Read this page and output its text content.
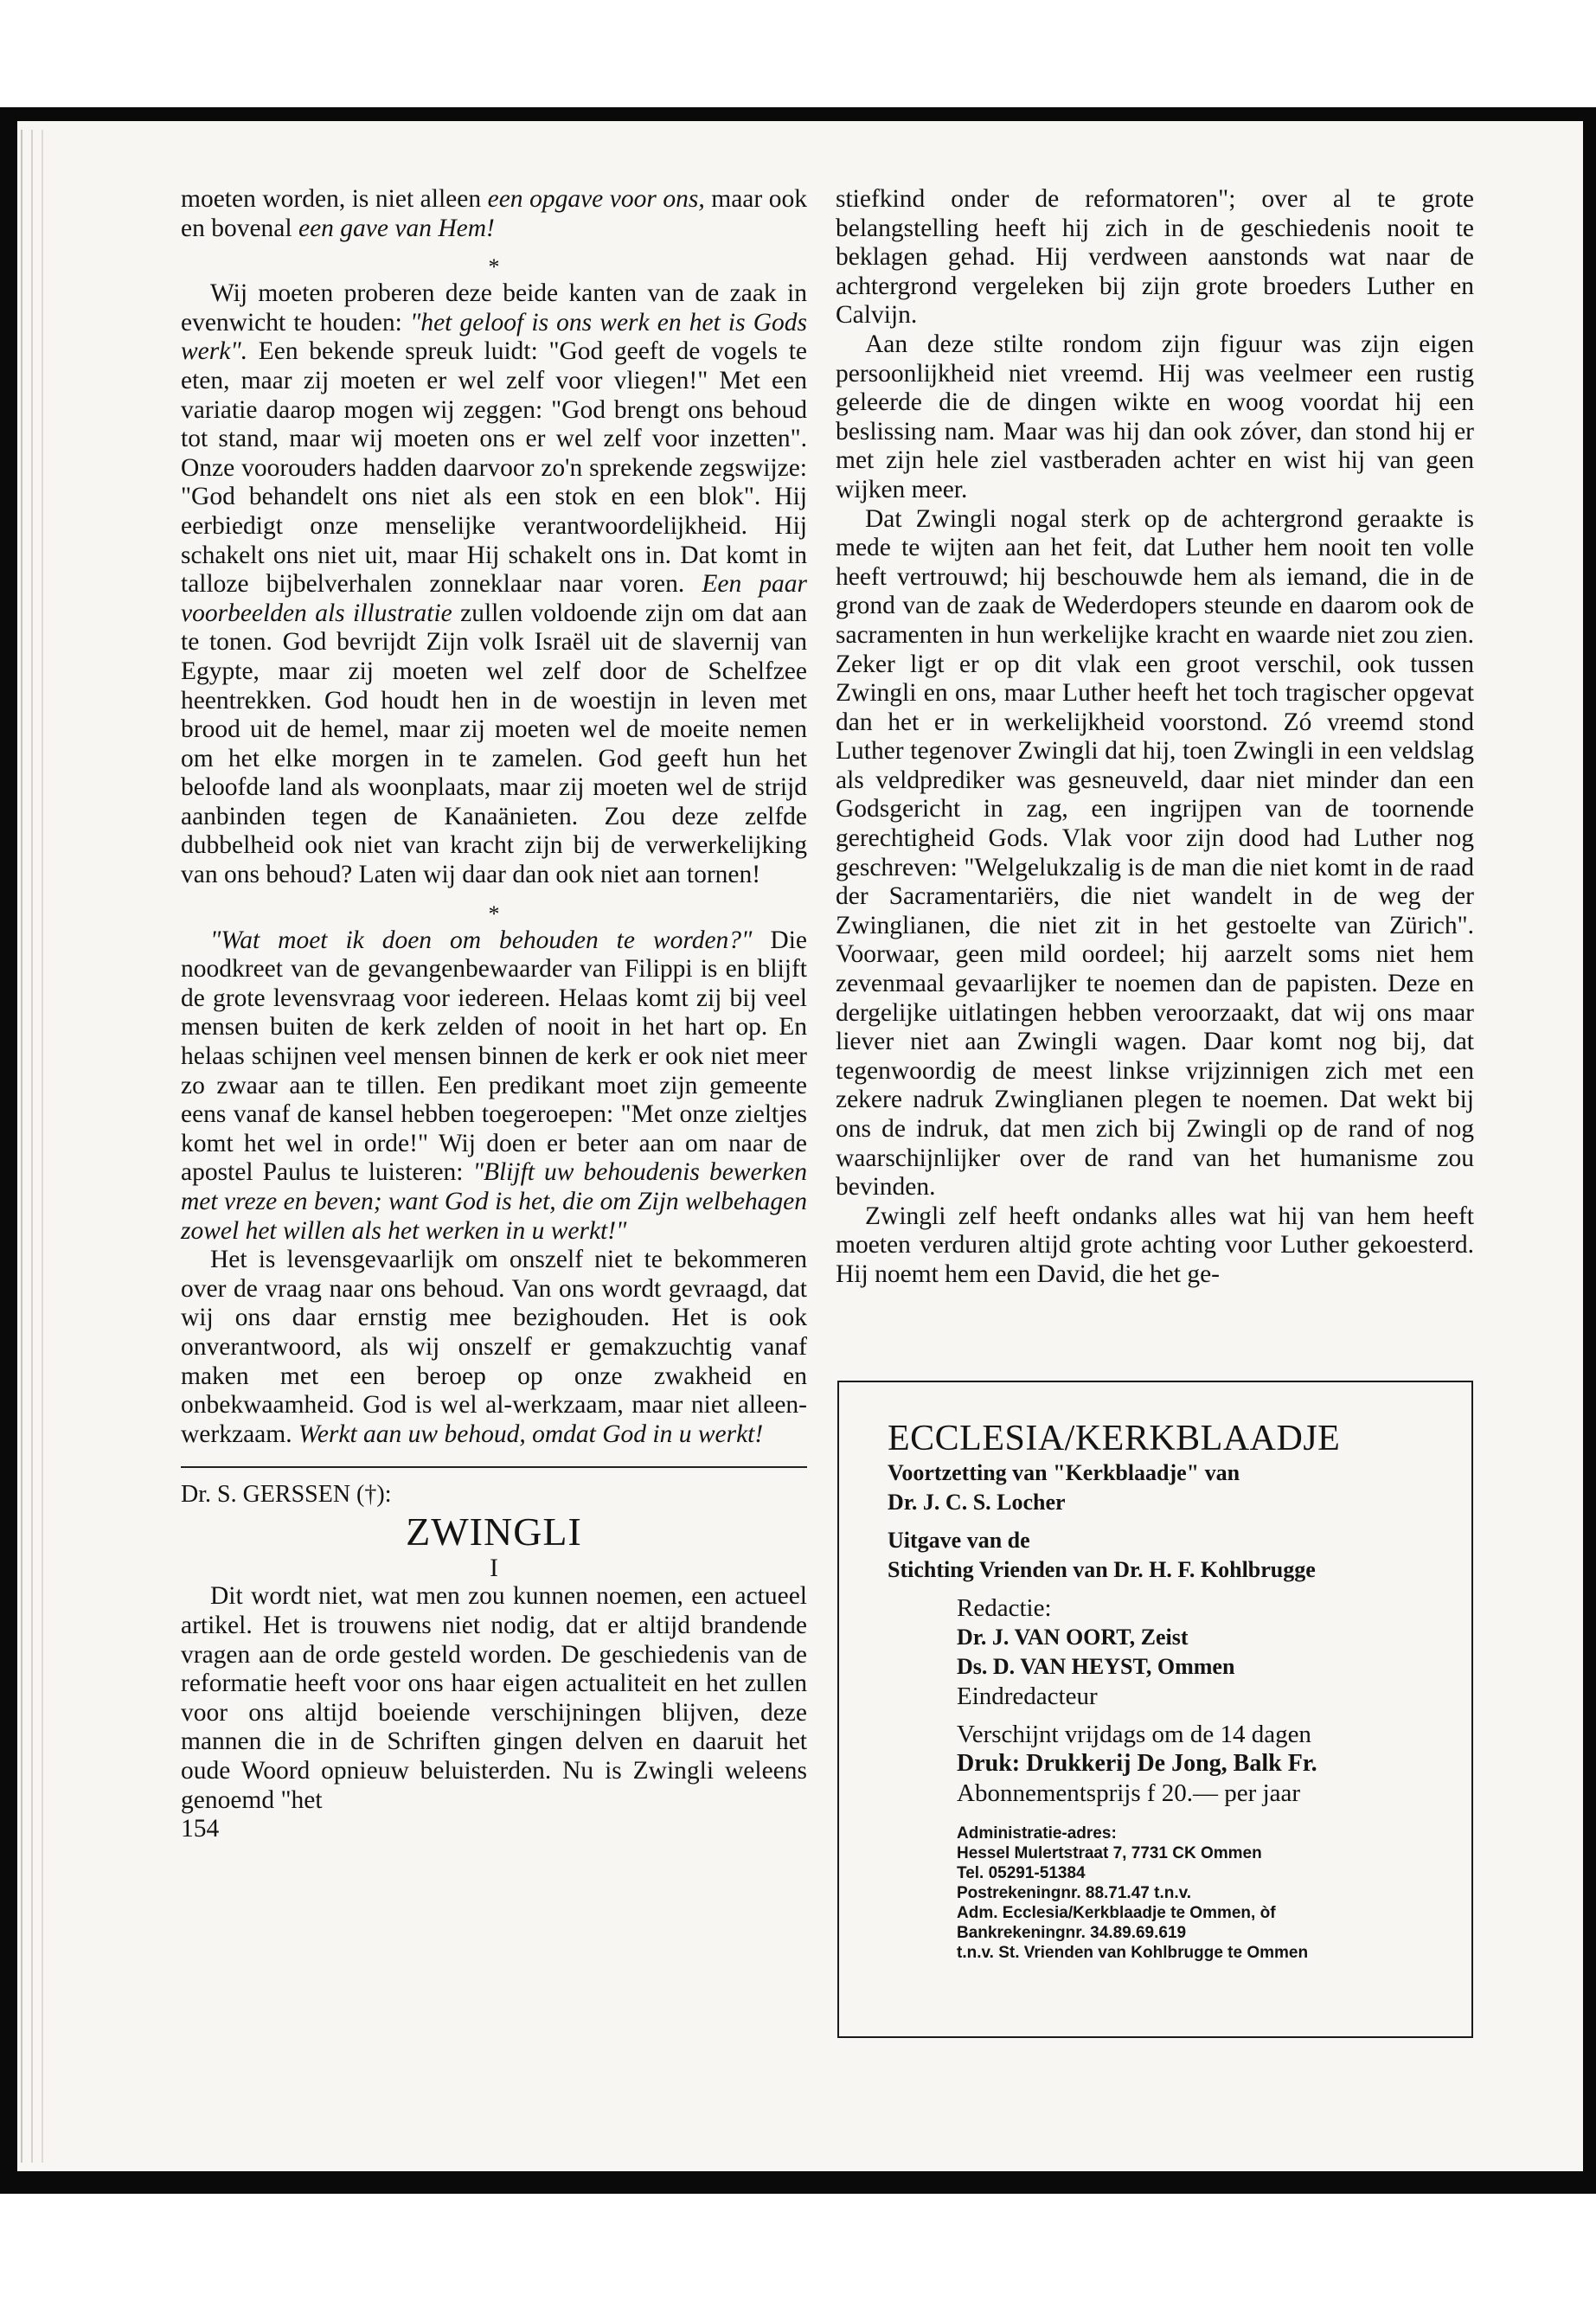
moeten worden, is niet alleen een opgave voor ons, maar ook en bovenal een gave van Hem!

*

Wij moeten proberen deze beide kanten van de zaak in evenwicht te houden: "het geloof is ons werk en het is Gods werk". Een bekende spreuk luidt: "God geeft de vogels te eten, maar zij moeten er wel zelf voor vliegen!" Met een variatie daarop mogen wij zeggen: "God brengt ons behoud tot stand, maar wij moeten ons er wel zelf voor inzetten". Onze voorouders hadden daarvoor zo'n sprekende zegswijze: "God behandelt ons niet als een stok en een blok". Hij eerbiedigt onze menselijke verantwoordelijkheid. Hij schakelt ons niet uit, maar Hij schakelt ons in. Dat komt in talloze bijbelverhalen zonneklaar naar voren. Een paar voorbeelden als illustratie zullen voldoende zijn om dat aan te tonen. God bevrijdt Zijn volk Israël uit de slavernij van Egypte, maar zij moeten wel zelf door de Schelfzee heentrekken. God houdt hen in de woestijn in leven met brood uit de hemel, maar zij moeten wel de moeite nemen om het elke morgen in te zamelen. God geeft hun het beloofde land als woonplaats, maar zij moeten wel de strijd aanbinden tegen de Kanaänieten. Zou deze zelfde dubbelheid ook niet van kracht zijn bij de verwerkelijking van ons behoud? Laten wij daar dan ook niet aan tornen!

*

"Wat moet ik doen om behouden te worden?" Die noodkreet van de gevangenbewaarder van Filippi is en blijft de grote levensvraag voor iedereen. Helaas komt zij bij veel mensen buiten de kerk zelden of nooit in het hart op. En helaas schijnen veel mensen binnen de kerk er ook niet meer zo zwaar aan te tillen. Een predikant moet zijn gemeente eens vanaf de kansel hebben toegeroepen: "Met onze zieltjes komt het wel in orde!" Wij doen er beter aan om naar de apostel Paulus te luisteren: "Blijft uw behoudenis bewerken met vreze en beven; want God is het, die om Zijn welbehagen zowel het willen als het werken in u werkt!"

Het is levensgevaarlijk om onszelf niet te bekommeren over de vraag naar ons behoud. Van ons wordt gevraagd, dat wij ons daar ernstig mee bezighouden. Het is ook onverantwoord, als wij onszelf er gemakzuchtig vanaf maken met een beroep op onze zwakheid en onbekwaamheid. God is wel al-werkzaam, maar niet alleen-werkzaam. Werkt aan uw behoud, omdat God in u werkt!

Dr. S. GERSSEN (†):

ZWINGLI

I

Dit wordt niet, wat men zou kunnen noemen, een actueel artikel. Het is trouwens niet nodig, dat er altijd brandende vragen aan de orde gesteld worden. De geschiedenis van de reformatie heeft voor ons haar eigen actualiteit en het zullen voor ons altijd boeiende verschijningen blijven, deze mannen die in de Schriften gingen delven en daaruit het oude Woord opnieuw beluisterden. Nu is Zwingli weleens genoemd "het

154

stiefkind onder de reformatoren"; over al te grote belangstelling heeft hij zich in de geschiedenis nooit te beklagen gehad. Hij verdween aanstonds wat naar de achtergrond vergeleken bij zijn grote broeders Luther en Calvijn.

Aan deze stilte rondom zijn figuur was zijn eigen persoonlijkheid niet vreemd. Hij was veelmeer een rustig geleerde die de dingen wikte en woog voordat hij een beslissing nam. Maar was hij dan ook zóver, dan stond hij er met zijn hele ziel vastberaden achter en wist hij van geen wijken meer.

Dat Zwingli nogal sterk op de achtergrond geraakte is mede te wijten aan het feit, dat Luther hem nooit ten volle heeft vertrouwd; hij beschouwde hem als iemand, die in de grond van de zaak de Wederdopers steunde en daarom ook de sacramenten in hun werkelijke kracht en waarde niet zou zien. Zeker ligt er op dit vlak een groot verschil, ook tussen Zwingli en ons, maar Luther heeft het toch tragischer opgevat dan het er in werkelijkheid voorstond. Zó vreemd stond Luther tegenover Zwingli dat hij, toen Zwingli in een veldslag als veldprediker was gesneuveld, daar niet minder dan een Godsgericht in zag, een ingrijpen van de toornende gerechtigheid Gods. Vlak voor zijn dood had Luther nog geschreven: "Welgelukzalig is de man die niet komt in de raad der Sacramentariërs, die niet wandelt in de weg der Zwinglianen, die niet zit in het gestoelte van Zürich". Voorwaar, geen mild oordeel; hij aarzelt soms niet hem zevenmaal gevaarlijker te noemen dan de papisten. Deze en dergelijke uitlatingen hebben veroorzaakt, dat wij ons maar liever niet aan Zwingli wagen. Daar komt nog bij, dat tegenwoordig de meest linkse vrijzinnigen zich met een zekere nadruk Zwinglianen plegen te noemen. Dat wekt bij ons de indruk, dat men zich bij Zwingli op de rand of nog waarschijnlijker over de rand van het humanisme zou bevinden.

Zwingli zelf heeft ondanks alles wat hij van hem heeft moeten verduren altijd grote achting voor Luther gekoesterd. Hij noemt hem een David, die het ge-

ECCLESIA/KERKBLAADJE

Voortzetting van "Kerkblaadje" van

Dr. J. C. S. Locher

Uitgave van de

Stichting Vrienden van Dr. H. F. Kohlbrugge

Redactie:

Dr. J. VAN OORT, Zeist

Ds. D. VAN HEYST, Ommen

Eindredacteur

Verschijnt vrijdags om de 14 dagen

Druk: Drukkerij De Jong, Balk Fr.

Abonnementsprijs f 20.— per jaar

Administratie-adres:

Hessel Mulertstraat 7, 7731 CK Ommen

Tel. 05291-51384

Postrekeningnr. 88.71.47 t.n.v.

Adm. Ecclesia/Kerkblaadje te Ommen, òf

Bankrekeningnr. 34.89.69.619

t.n.v. St. Vrienden van Kohlbrugge te Ommen
